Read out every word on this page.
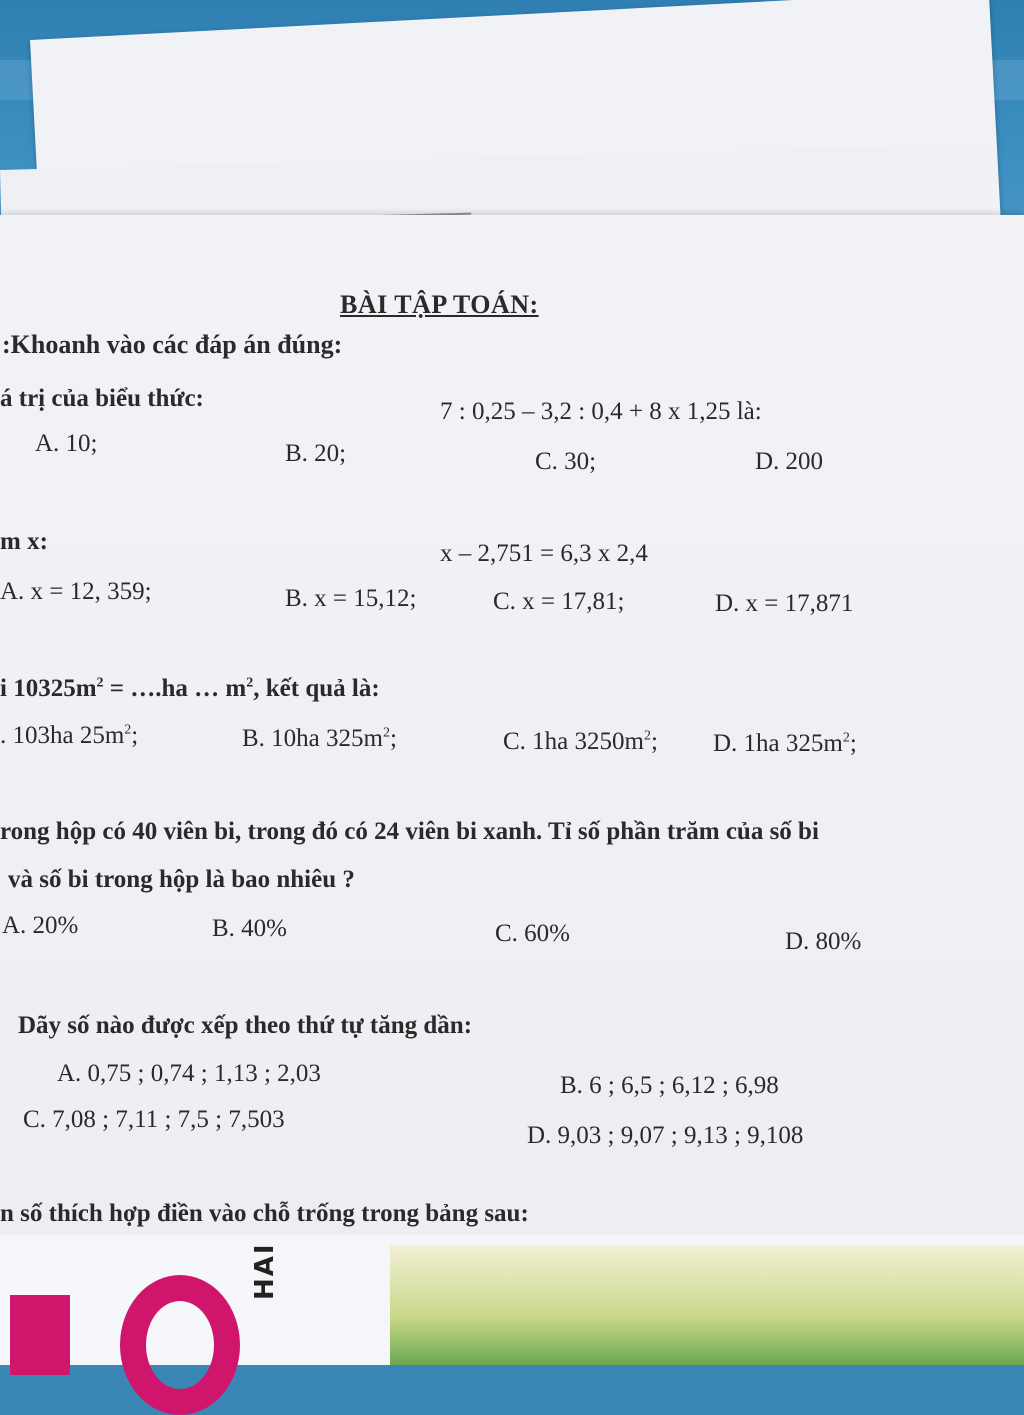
BÀI TẬP TOÁN:
:Khoanh vào các đáp án đúng:
á trị của biểu thức:	7 : 0,25 – 3,2 : 0,4 + 8 x 1,25 là:
A. 10;	B. 20;	C. 30;	D. 200
m x:	x – 2,751 = 6,3 x 2,4
A. x = 12, 359;	B. x = 15,12;	C. x = 17,81;	D. x = 17,871
i $10325m^2$ = ….ha … $m^2$, kết quả là:
. 103ha $25m^2$;	B. 10ha $325m^2$;	C. 1ha $3250m^2$; D. 1ha $325m^2$;
rong hộp có 40 viên bi, trong đó có 24 viên bi xanh. Tỉ số phần trăm của số bi
và số bi trong hộp là bao nhiêu ?
A. 20%	B. 40%	C. 60%	D. 80%
Dãy số nào được xếp theo thứ tự tăng dần:
A. 0,75 ; 0,74 ; 1,13 ; 2,03	B. 6 ; 6,5 ; 6,12 ; 6,98
C. 7,08 ; 7,11 ; 7,5 ; 7,503
D. 9,03 ; 9,07 ; 9,13 ; 9,108
n số thích hợp điền vào chỗ trống trong bảng sau:
HAI
